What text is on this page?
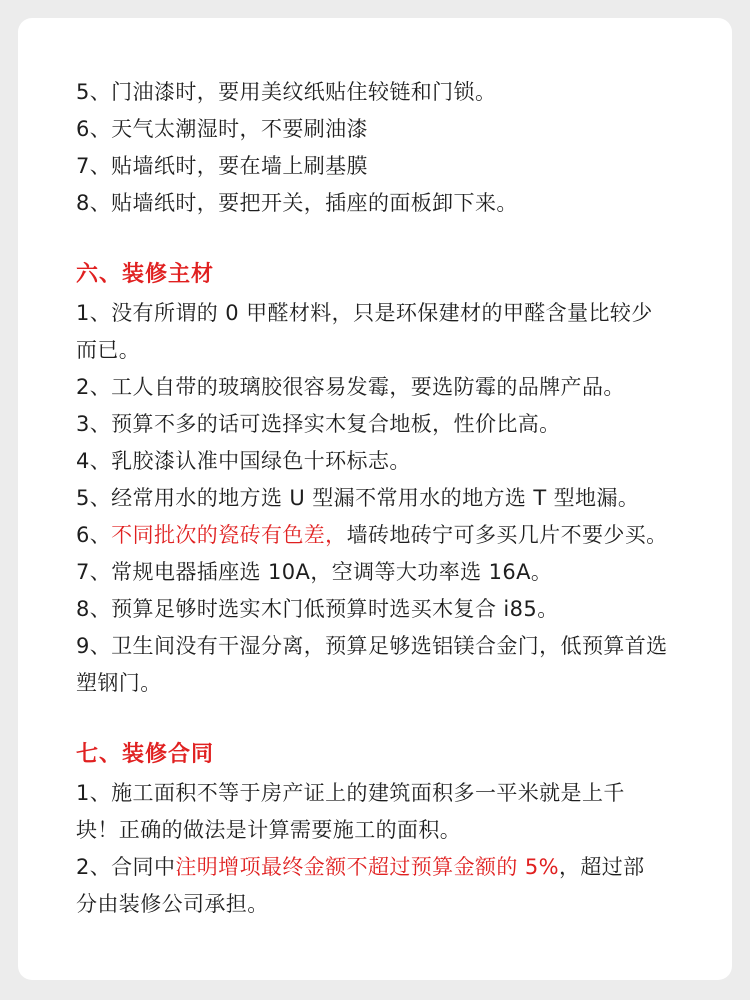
5、门油漆时，要用美纹纸贴住较链和门锁。
6、天气太潮湿时，不要刷油漆
7、贴墙纸时，要在墙上刷基膜
8、贴墙纸时，要把开关，插座的面板卸下来。
六、装修主材
1、没有所谓的 0 甲醛材料，只是环保建材的甲醛含量比较少
而已。
2、工人自带的玻璃胶很容易发霉，要选防霉的品牌产品。
3、预算不多的话可选择实木复合地板，性价比高。
4、乳胶漆认准中国绿色十环标志。
5、经常用水的地方选 U 型漏不常用水的地方选 T 型地漏。
6、不同批次的瓷砖有色差，墙砖地砖宁可多买几片不要少买。
7、常规电器插座选 10A，空调等大功率选 16A。
8、预算足够时选实木门低预算时选买木复合 i85。
9、卫生间没有干湿分离，预算足够选铝镁合金门，低预算首选
塑钢门。
七、装修合同
1、施工面积不等于房产证上的建筑面积多一平米就是上千
块！正确的做法是计算需要施工的面积。
2、合同中注明增项最终金额不超过预算金额的 5%，超过部
分由装修公司承担。
